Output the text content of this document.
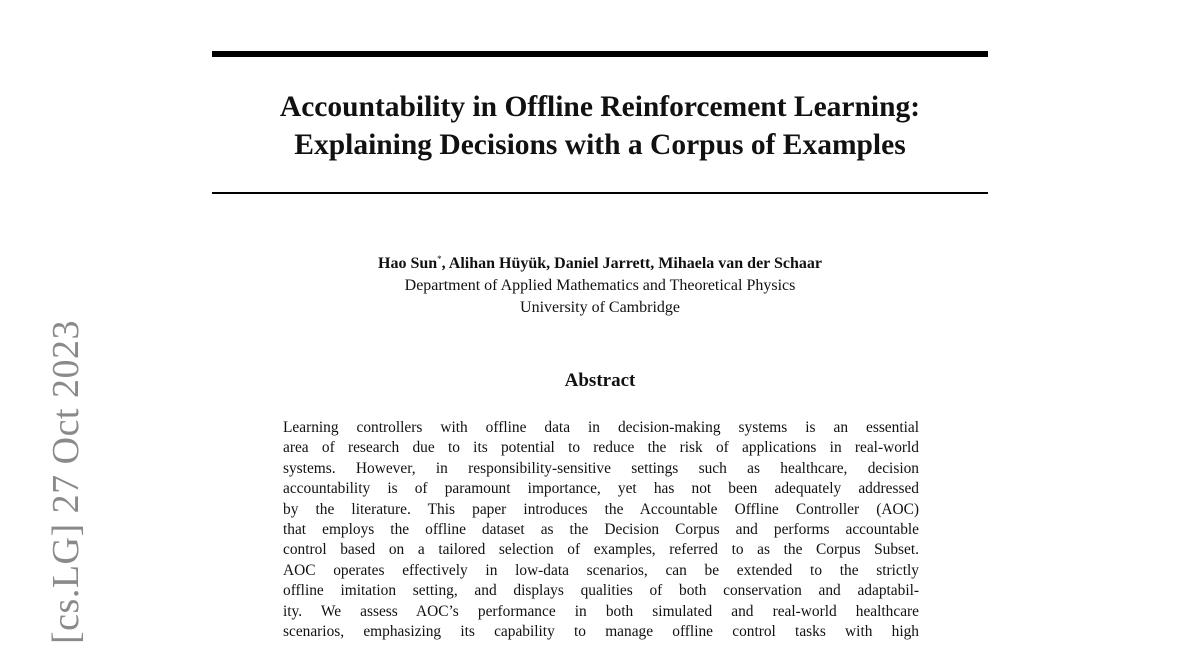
Accountability in Offline Reinforcement Learning:
Explaining Decisions with a Corpus of Examples
Hao Sun*, Alihan Hüyük, Daniel Jarrett, Mihaela van der Schaar
Department of Applied Mathematics and Theoretical Physics
University of Cambridge
Abstract
Learning controllers with offline data in decision-making systems is an essential
area of research due to its potential to reduce the risk of applications in real-world
systems. However, in responsibility-sensitive settings such as healthcare, decision
accountability is of paramount importance, yet has not been adequately addressed
by the literature. This paper introduces the Accountable Offline Controller (AOC)
that employs the offline dataset as the Decision Corpus and performs accountable
control based on a tailored selection of examples, referred to as the Corpus Subset.
AOC operates effectively in low-data scenarios, can be extended to the strictly
offline imitation setting, and displays qualities of both conservation and adaptabil-
ity. We assess AOC’s performance in both simulated and real-world healthcare
scenarios, emphasizing its capability to manage offline control tasks with high
[cs.LG] 27 Oct 2023
